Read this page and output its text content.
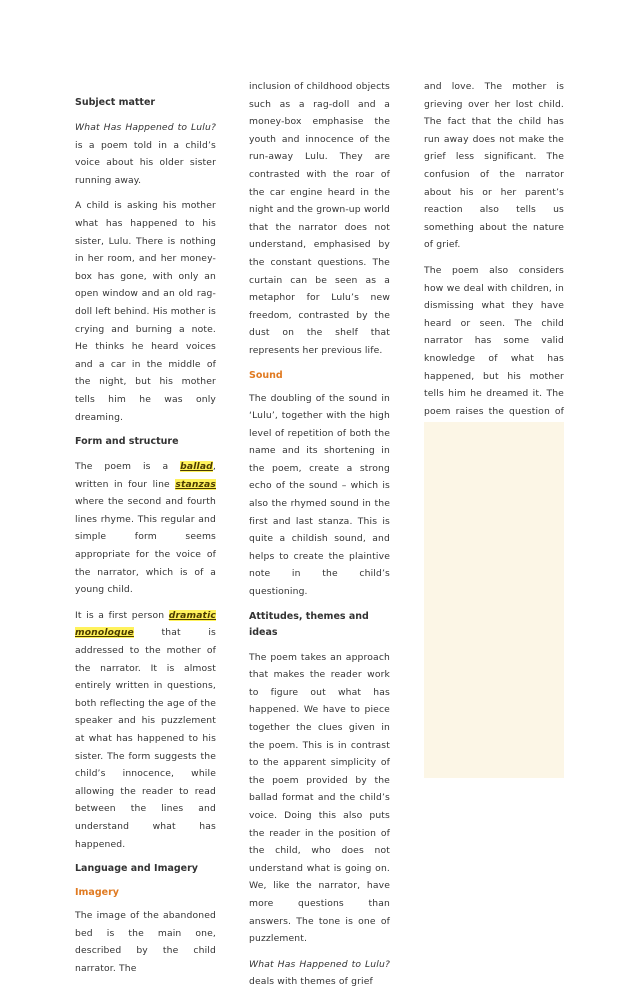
Subject matter

What Has Happened to Lulu? is a poem told in a child’s voice about his older sister running away.

A child is asking his mother what has happened to his sister, Lulu. There is nothing in her room, and her money-box has gone, with only an open window and an old rag-doll left behind. His mother is crying and burning a note. He thinks he heard voices and a car in the middle of the night, but his mother tells him he was only dreaming.

Form and structure

The poem is a ballad, written in four line stanzas where the second and fourth lines rhyme. This regular and simple form seems appropriate for the voice of the narrator, which is of a young child.

It is a first person dramatic monologue that is addressed to the mother of the narrator. It is almost entirely written in questions, both reflecting the age of the speaker and his puzzlement at what has happened to his sister. The form suggests the child’s innocence, while allowing the reader to read between the lines and understand what has happened.

Language and Imagery
Imagery

The image of the abandoned bed is the main one, described by the child narrator. The

inclusion of childhood objects such as a rag-doll and a money-box emphasise the youth and innocence of the run-away Lulu. They are contrasted with the roar of the car engine heard in the night and the grown-up world that the narrator does not understand, emphasised by the constant questions. The curtain can be seen as a metaphor for Lulu’s new freedom, contrasted by the dust on the shelf that represents her previous life.

Sound

The doubling of the sound in ‘Lulu’, together with the high level of repetition of both the name and its shortening in the poem, create a strong echo of the sound – which is also the rhymed sound in the first and last stanza. This is quite a childish sound, and helps to create the plaintive note in the child’s questioning.

Attitudes, themes and ideas

The poem takes an approach that makes the reader work to figure out what has happened. We have to piece together the clues given in the poem. This is in contrast to the apparent simplicity of the poem provided by the ballad format and the child’s voice. Doing this also puts the reader in the position of the child, who does not understand what is going on. We, like the narrator, have more questions than answers. The tone is one of puzzlement.

What Has Happened to Lulu? deals with themes of grief

and love. The mother is grieving over her lost child. The fact that the child has run away does not make the grief less significant. The confusion of the narrator about his or her parent’s reaction also tells us something about the nature of grief.

The poem also considers how we deal with children, in dismissing what they have heard or seen. The child narrator has some valid knowledge of what has happened, but his mother tells him he dreamed it. The poem raises the question of
